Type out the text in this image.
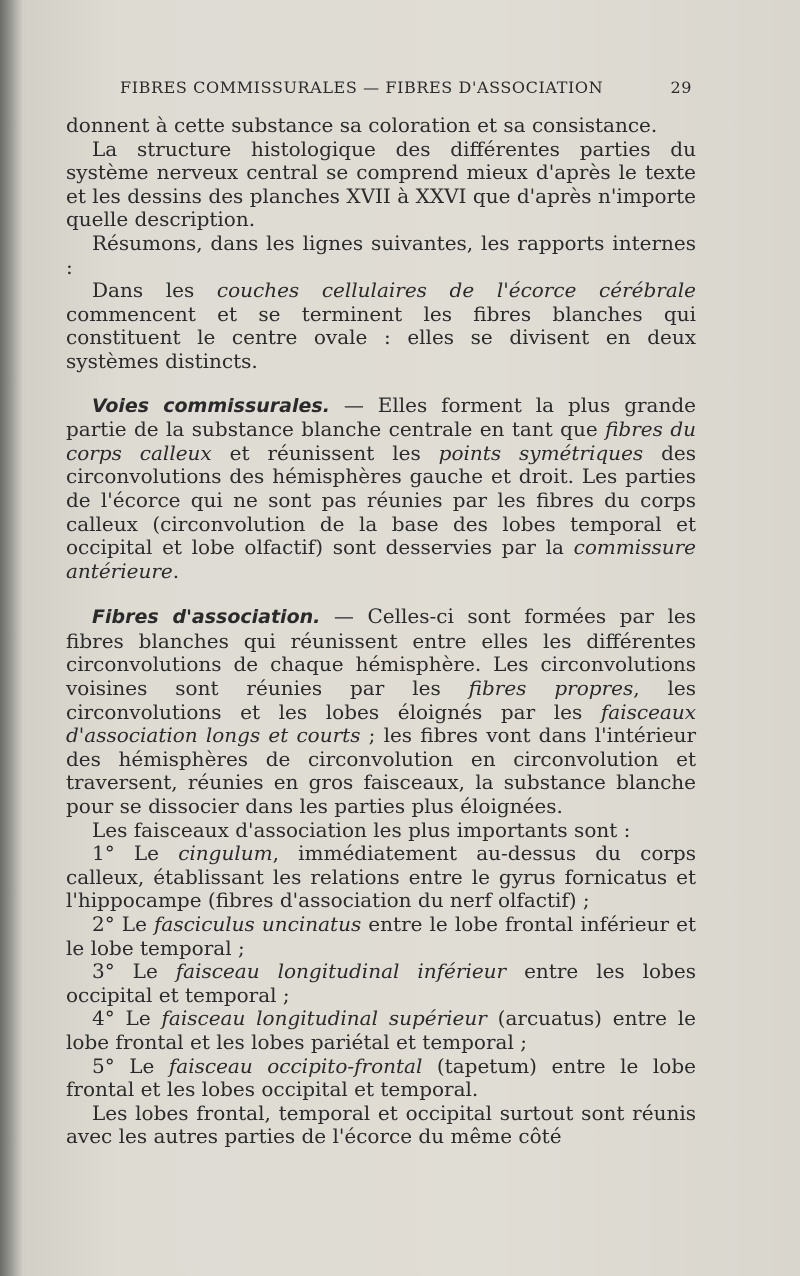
FIBRES COMMISSURALES — FIBRES D'ASSOCIATION	29

donnent à cette substance sa coloration et sa consistance.

La structure histologique des différentes parties du système nerveux central se comprend mieux d'après le texte et les dessins des planches XVII à XXVI que d'après n'importe quelle description.

Résumons, dans les lignes suivantes, les rapports internes :

Dans les couches cellulaires de l'écorce cérébrale commencent et se terminent les fibres blanches qui constituent le centre ovale : elles se divisent en deux systèmes distincts.

Voies commissurales. — Elles forment la plus grande partie de la substance blanche centrale en tant que fibres du corps calleux et réunissent les points symétriques des circonvolutions des hémisphères gauche et droit. Les parties de l'écorce qui ne sont pas réunies par les fibres du corps calleux (circonvolution de la base des lobes temporal et occipital et lobe olfactif) sont desservies par la commissure antérieure.

Fibres d'association. — Celles-ci sont formées par les fibres blanches qui réunissent entre elles les différentes circonvolutions de chaque hémisphère. Les circonvolutions voisines sont réunies par les fibres propres, les circonvolutions et les lobes éloignés par les faisceaux d'association longs et courts ; les fibres vont dans l'intérieur des hémisphères de circonvolution en circonvolution et traversent, réunies en gros faisceaux, la substance blanche pour se dissocier dans les parties plus éloignées.

Les faisceaux d'association les plus importants sont :

1° Le cingulum, immédiatement au-dessus du corps calleux, établissant les relations entre le gyrus fornicatus et l'hippocampe (fibres d'association du nerf olfactif) ;

2° Le fasciculus uncinatus entre le lobe frontal inférieur et le lobe temporal ;

3° Le faisceau longitudinal inférieur entre les lobes occipital et temporal ;

4° Le faisceau longitudinal supérieur (arcuatus) entre le lobe frontal et les lobes pariétal et temporal ;

5° Le faisceau occipito-frontal (tapetum) entre le lobe frontal et les lobes occipital et temporal.

Les lobes frontal, temporal et occipital surtout sont réunis avec les autres parties de l'écorce du même côté
